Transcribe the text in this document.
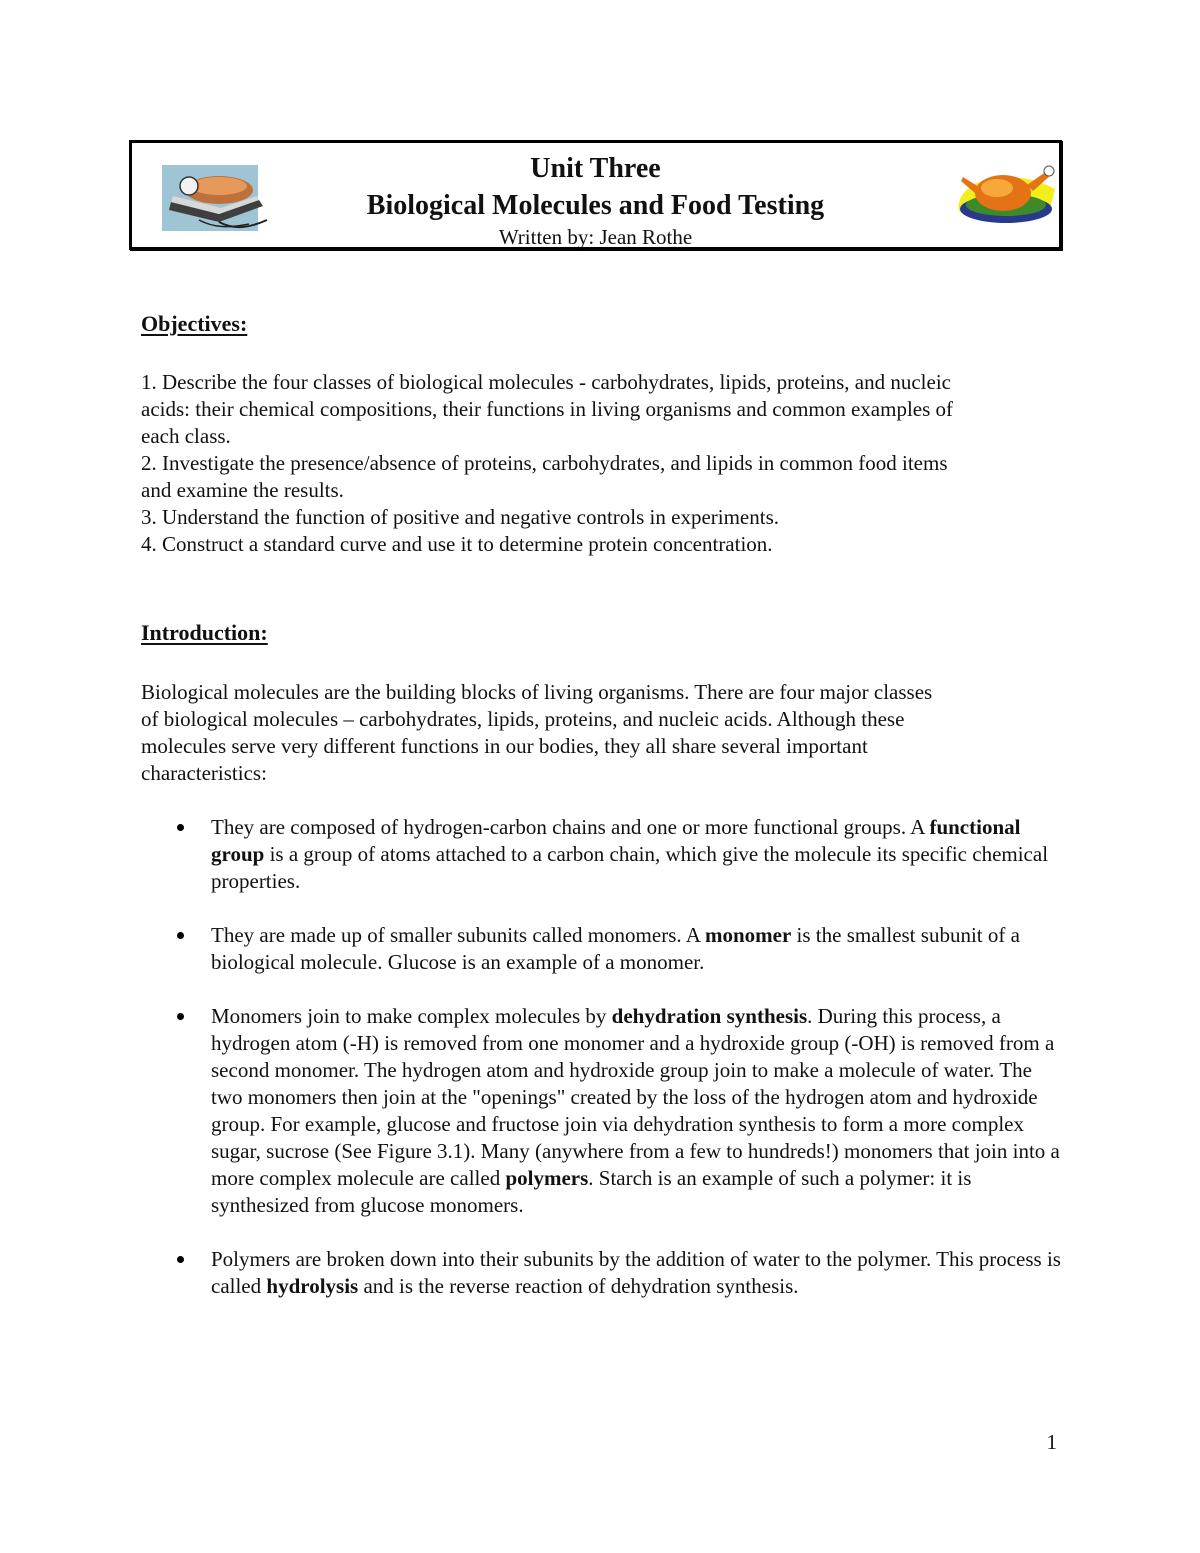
Unit Three
Biological Molecules and Food Testing
Written by: Jean Rothe
Objectives:

1. Describe the four classes of biological molecules - carbohydrates, lipids, proteins, and nucleic
acids: their chemical compositions, their functions in living organisms and common examples of
each class.
2. Investigate the presence/absence of proteins, carbohydrates, and lipids in common food items
and examine the results.
3. Understand the function of positive and negative controls in experiments.
4. Construct a standard curve and use it to determine protein concentration.

Introduction:

Biological molecules are the building blocks of living organisms. There are four major classes
of biological molecules – carbohydrates, lipids, proteins, and nucleic acids. Although these
molecules serve very different functions in our bodies, they all share several important
characteristics:

They are composed of hydrogen-carbon chains and one or more functional groups. A functional group is a group of atoms attached to a carbon chain, which give the molecule its specific chemical properties.
They are made up of smaller subunits called monomers. A monomer is the smallest subunit of a biological molecule. Glucose is an example of a monomer.
Monomers join to make complex molecules by dehydration synthesis. During this process, a hydrogen atom (-H) is removed from one monomer and a hydroxide group (-OH) is removed from a second monomer. The hydrogen atom and hydroxide group join to make a molecule of water. The two monomers then join at the "openings" created by the loss of the hydrogen atom and hydroxide group. For example, glucose and fructose join via dehydration synthesis to form a more complex sugar, sucrose (See Figure 3.1). Many (anywhere from a few to hundreds!) monomers that join into a more complex molecule are called polymers. Starch is an example of such a polymer: it is synthesized from glucose monomers.
Polymers are broken down into their subunits by the addition of water to the polymer. This process is called hydrolysis and is the reverse reaction of dehydration synthesis.
1
